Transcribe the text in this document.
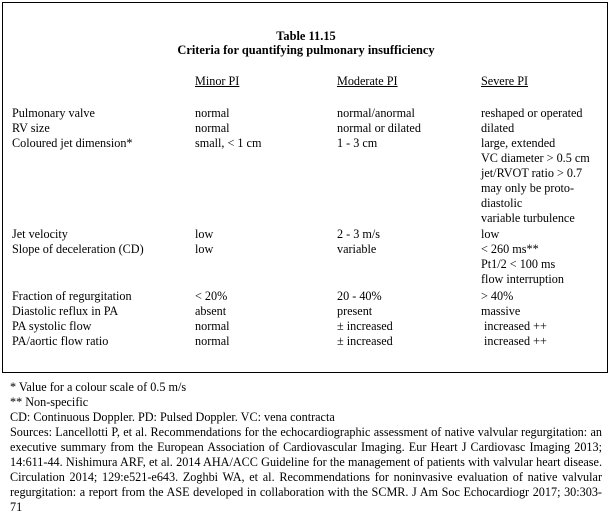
Table 11.15
Criteria for quantifying pulmonary insufficiency
Minor PI	Moderate PI	Severe PI
Pulmonary valve	normal	normal/anormal	reshaped or operated
RV size	normal	normal or dilated	dilated
Coloured jet dimension*	small, < 1 cm	1 - 3 cm	large, extended
VC diameter > 0.5 cm
jet/RVOT ratio > 0.7
may only be proto-
diastolic
variable turbulence
Jet velocity	low	2 - 3 m/s	low
Slope of deceleration (CD)	low	variable	< 260 ms**
Pt1/2 < 100 ms
flow interruption
Fraction of regurgitation	< 20%	20 - 40%	> 40%
Diastolic reflux in PA	absent	present	massive
PA systolic flow	normal	± increased	increased ++
PA/aortic flow ratio	normal	± increased	increased ++
* Value for a colour scale of 0.5 m/s
** Non-specific
CD: Continuous Doppler. PD: Pulsed Doppler. VC: vena contracta
Sources: Lancellotti P, et al. Recommendations for the echocardiographic assessment of native valvular regurgitation: an executive summary from the European Association of Cardiovascular Imaging. Eur Heart J Cardiovasc Imaging 2013; 14:611-44. Nishimura ARF, et al. 2014 AHA/ACC Guideline for the management of patients with valvular heart disease. Circulation 2014; 129:e521-e643. Zoghbi WA, et al. Recommendations for noninvasive evaluation of native valvular regurgitation: a report from the ASE developed in collaboration with the SCMR. J Am Soc Echocardiogr 2017; 30:303-71
